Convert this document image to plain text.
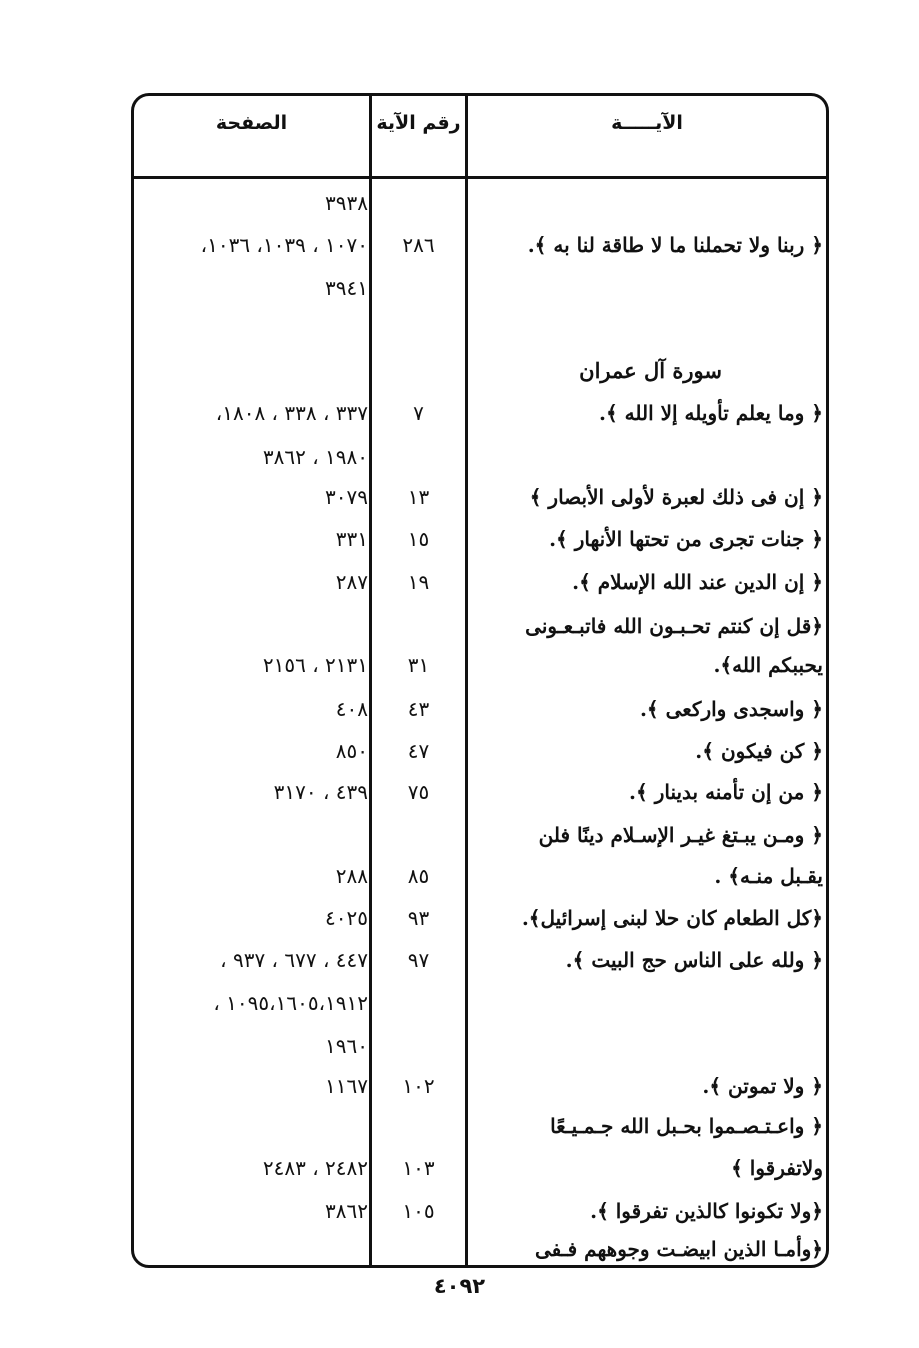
الصفحة	رقم الآية	الآيـــــة
٣٩٣٨
١٠٧٠ ، ١٠٣٩، ١٠٣٦،	٢٨٦	﴿ ربنا ولا تحملنا ما لا طاقة لنا به ﴾.
٣٩٤١
سورة آل عمران
٣٣٧ ، ٣٣٨ ، ١٨٠٨،	٧	﴿ وما يعلم تأويله إلا الله ﴾.
١٩٨٠ ، ٣٨٦٢
٣٠٧٩	١٣	﴿ إن فى ذلك لعبرة لأولى الأبصار ﴾
٣٣١	١٥	﴿ جنات تجرى من تحتها الأنهار ﴾.
٢٨٧	١٩	﴿ إن الدين عند الله الإسلام ﴾.
﴿قل إن كنتم تحـبـون الله فاتبـعـونى
٢١٣١ ، ٢١٥٦	٣١	يحببكم الله﴾.
٤٠٨	٤٣	﴿ واسجدى واركعى ﴾.
٨٥٠	٤٧	﴿ كن فيكون ﴾.
٤٣٩ ، ٣١٧٠	٧٥	﴿ من إن تأمنه بدينار ﴾.
﴿ ومـن يبـتغ غيـر الإسـلام دينًا فلن
٢٨٨	٨٥	يقـبل منـه﴾ .
٤٠٢٥	٩٣	﴿كل الطعام كان حلا لبنى إسرائيل﴾.
٤٤٧ ، ٦٧٧ ، ٩٣٧ ،	٩٧	﴿ ولله على الناس حج البيت ﴾.
١٠٩٥،١٦٠٥،١٩١٢ ،
١٩٦٠
١١٦٧	١٠٢	﴿ ولا تموتن ﴾.
﴿ واعـتـصـموا بحـبل الله جـمـيـعًا
٢٤٨٢ ، ٢٤٨٣	١٠٣	ولاتفرقوا ﴾
٣٨٦٢	١٠٥	﴿ولا تكونوا كالذين تفرقوا ﴾.
﴿وأمـا الذين ابيضـت وجوههم فـفى
٤٠٩٢
